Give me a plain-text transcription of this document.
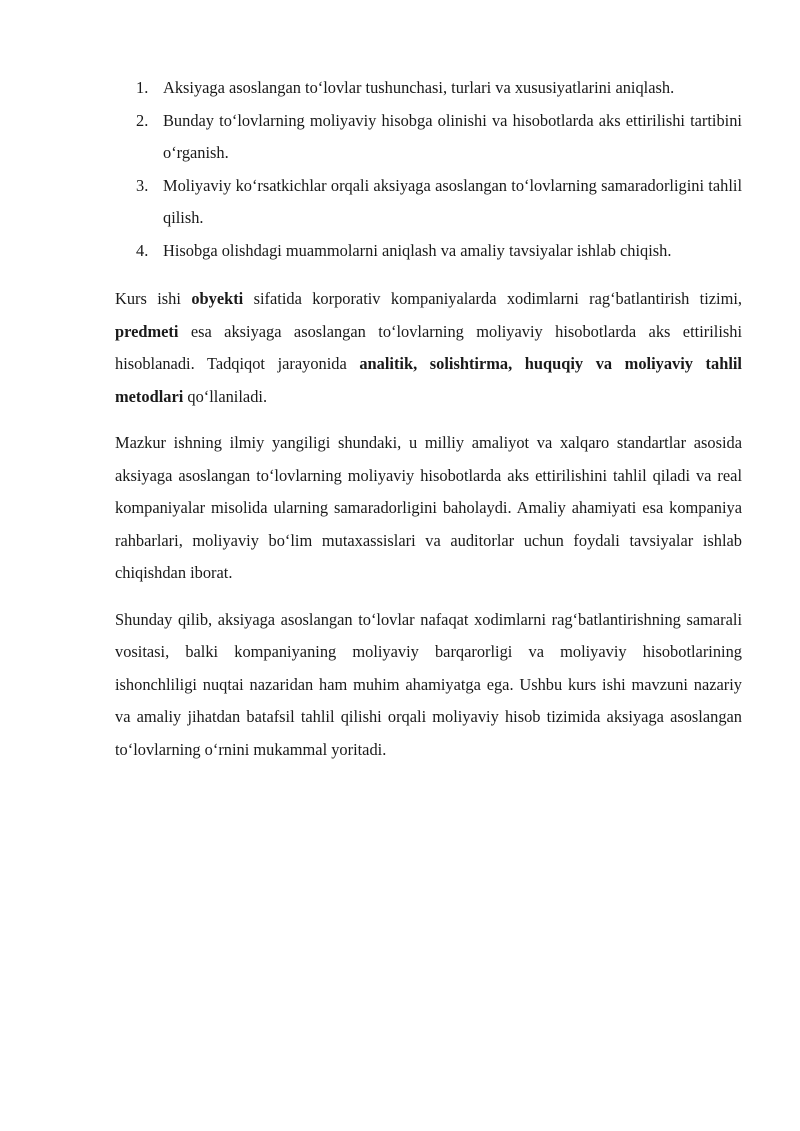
1. Aksiyaga asoslangan to‘lovlar tushunchasi, turlari va xususiyatlarini aniqlash.
2. Bunday to‘lovlarning moliyaviy hisobga olinishi va hisobotlarda aks ettirilishi tartibini o‘rganish.
3. Moliyaviy ko‘rsatkichlar orqali aksiyaga asoslangan to‘lovlarning samaradorligini tahlil qilish.
4. Hisobga olishdagi muammolarni aniqlash va amaliy tavsiyalar ishlab chiqish.

Kurs ishi obyekti sifatida korporativ kompaniyalarda xodimlarni rag‘batlantirish tizimi, predmeti esa aksiyaga asoslangan to‘lovlarning moliyaviy hisobotlarda aks ettirilishi hisoblanadi. Tadqiqot jarayonida analitik, solishtirma, huquqiy va moliyaviy tahlil metodlari qo‘llaniladi.

Mazkur ishning ilmiy yangiligi shundaki, u milliy amaliyot va xalqaro standartlar asosida aksiyaga asoslangan to‘lovlarning moliyaviy hisobotlarda aks ettirilishini tahlil qiladi va real kompaniyalar misolida ularning samaradorligini baholaydi. Amaliy ahamiyati esa kompaniya rahbarlari, moliyaviy bo‘lim mutaxassislari va auditorlar uchun foydali tavsiyalar ishlab chiqishdan iborat.

Shunday qilib, aksiyaga asoslangan to‘lovlar nafaqat xodimlarni rag‘batlantirishning samarali vositasi, balki kompaniyaning moliyaviy barqarorligi va moliyaviy hisobotlarining ishonchliligi nuqtai nazaridan ham muhim ahamiyatga ega. Ushbu kurs ishi mavzuni nazariy va amaliy jihatdan batafsil tahlil qilishi orqali moliyaviy hisob tizimida aksiyaga asoslangan to‘lovlarning o‘rnini mukammal yoritadi.
